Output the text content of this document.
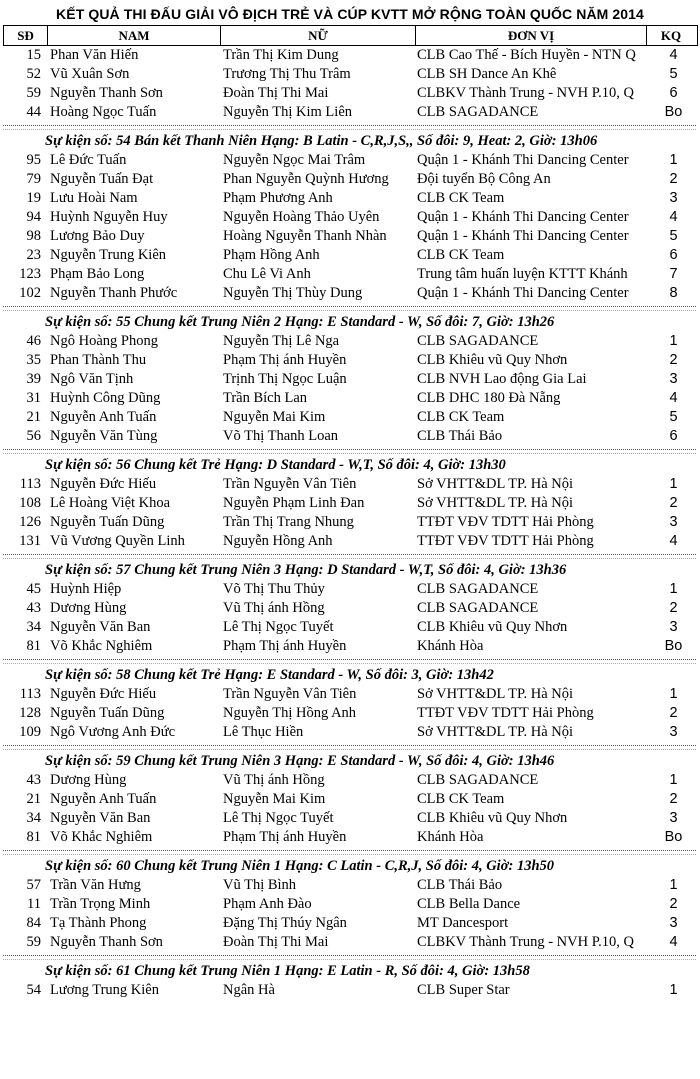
KẾT QUẢ THI ĐẤU GIẢI VÔ ĐỊCH TRẺ VÀ CÚP KVTT MỞ RỘNG TOÀN QUỐC NĂM 2014
SĐ	NAM	NỮ	ĐƠN VỊ	KQ
15 Phan Văn Hiến	Trần Thị Kim Dung	CLB Cao Thế - Bích Huyền - NTN Q	4
52 Vũ Xuân Sơn	Trương Thị Thu Trâm	CLB SH Dance An Khê	5
59 Nguyễn Thanh Sơn	Đoàn Thị Thi Mai	CLBKV Thành Trung - NVH P.10, Q	6
44 Hoàng Ngọc Tuấn	Nguyễn Thị Kim Liên	CLB SAGADANCE	Bo
Sự kiện số: 54 Bán kết Thanh Niên Hạng: B Latin - C,R,J,S,, Số đôi: 9, Heat: 2, Giờ: 13h06
95 Lê Đức Tuấn	Nguyễn Ngọc Mai Trâm	Quận 1 - Khánh Thi Dancing Center	1
79 Nguyễn Tuấn Đạt	Phan Nguyễn Quỳnh Hương	Đội tuyển Bộ Công An	2
19 Lưu Hoài Nam	Phạm Phương Anh	CLB CK Team	3
94 Huỳnh Nguyễn Huy	Nguyễn Hoàng Thảo Uyên	Quận 1 - Khánh Thi Dancing Center	4
98 Lương Bảo Duy	Hoàng Nguyễn Thanh Nhàn	Quận 1 - Khánh Thi Dancing Center	5
23 Nguyễn Trung Kiên	Phạm Hồng Anh	CLB CK Team	6
123 Phạm Bảo Long	Chu Lê Vi Anh	Trung tâm huấn luyện KTTT Khánh	7
102 Nguyễn Thanh Phước	Nguyễn Thị Thùy Dung	Quận 1 - Khánh Thi Dancing Center	8
Sự kiện số: 55 Chung kết Trung Niên 2 Hạng: E Standard - W, Số đôi: 7, Giờ: 13h26
46 Ngô Hoàng Phong	Nguyễn Thị Lê Nga	CLB SAGADANCE	1
35 Phan Thành Thu	Phạm Thị ánh Huyền	CLB Khiêu vũ Quy Nhơn	2
39 Ngô Văn Tịnh	Trịnh Thị Ngọc Luận	CLB NVH Lao động Gia Lai	3
31 Huỳnh Công Dũng	Trần Bích Lan	CLB DHC 180 Đà Nẵng	4
21 Nguyễn Anh Tuấn	Nguyễn Mai Kim	CLB CK Team	5
56 Nguyễn Văn Tùng	Võ Thị Thanh Loan	CLB Thái Bảo	6
Sự kiện số: 56 Chung kết Trẻ Hạng: D Standard - W,T, Số đôi: 4, Giờ: 13h30
113 Nguyễn Đức Hiếu	Trần Nguyễn Vân Tiên	Sở VHTT&DL TP. Hà Nội	1
108 Lê Hoàng Việt Khoa	Nguyễn Phạm Linh Đan	Sở VHTT&DL TP. Hà Nội	2
126 Nguyễn Tuấn Dũng	Trần Thị Trang Nhung	TTĐT VĐV TDTT Hải Phòng	3
131 Vũ Vương Quyền Linh	Nguyễn Hồng Anh	TTĐT VĐV TDTT Hải Phòng	4
Sự kiện số: 57 Chung kết Trung Niên 3 Hạng: D Standard - W,T, Số đôi: 4, Giờ: 13h36
45 Huỳnh Hiệp	Võ Thị Thu Thủy	CLB SAGADANCE	1
43 Dương Hùng	Vũ Thị ánh Hồng	CLB SAGADANCE	2
34 Nguyễn Văn Ban	Lê Thị Ngọc Tuyết	CLB Khiêu vũ Quy Nhơn	3
81 Võ Khắc Nghiêm	Phạm Thị ánh Huyền	Khánh Hòa	Bo
Sự kiện số: 58 Chung kết Trẻ Hạng: E Standard - W, Số đôi: 3, Giờ: 13h42
113 Nguyễn Đức Hiếu	Trần Nguyễn Vân Tiên	Sở VHTT&DL TP. Hà Nội	1
128 Nguyễn Tuấn Dũng	Nguyễn Thị Hồng Anh	TTĐT VĐV TDTT Hải Phòng	2
109 Ngô Vương Anh Đức	Lê Thục Hiền	Sở VHTT&DL TP. Hà Nội	3
Sự kiện số: 59 Chung kết Trung Niên 3 Hạng: E Standard - W, Số đôi: 4, Giờ: 13h46
43 Dương Hùng	Vũ Thị ánh Hồng	CLB SAGADANCE	1
21 Nguyễn Anh Tuấn	Nguyễn Mai Kim	CLB CK Team	2
34 Nguyễn Văn Ban	Lê Thị Ngọc Tuyết	CLB Khiêu vũ Quy Nhơn	3
81 Võ Khắc Nghiêm	Phạm Thị ánh Huyền	Khánh Hòa	Bo
Sự kiện số: 60 Chung kết Trung Niên 1 Hạng: C Latin - C,R,J, Số đôi: 4, Giờ: 13h50
57 Trần Văn Hưng	Vũ Thị Bình	CLB Thái Bảo	1
11 Trần Trọng Minh	Phạm Anh Đào	CLB Bella Dance	2
84 Tạ Thành Phong	Đặng Thị Thúy Ngân	MT Dancesport	3
59 Nguyễn Thanh Sơn	Đoàn Thị Thi Mai	CLBKV Thành Trung - NVH P.10, Q	4
Sự kiện số: 61 Chung kết Trung Niên 1 Hạng: E Latin - R, Số đôi: 4, Giờ: 13h58
54 Lương Trung Kiên	Ngân Hà	CLB Super Star	1
